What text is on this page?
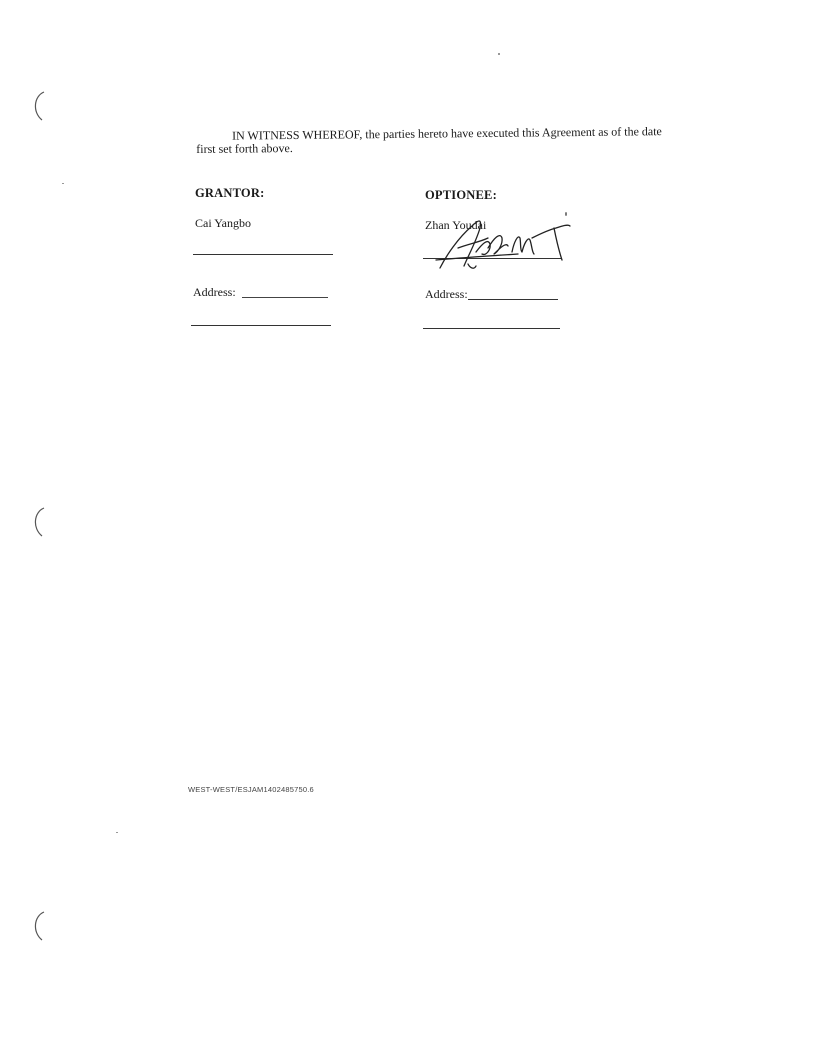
IN WITNESS WHEREOF, the parties hereto have executed this Agreement as of the date
first set forth above.

GRANTOR:
Cai Yangbo
Address:
OPTIONEE:
Zhan Youdai
Address:
WEST-WEST/ESJAM1402485750.6
